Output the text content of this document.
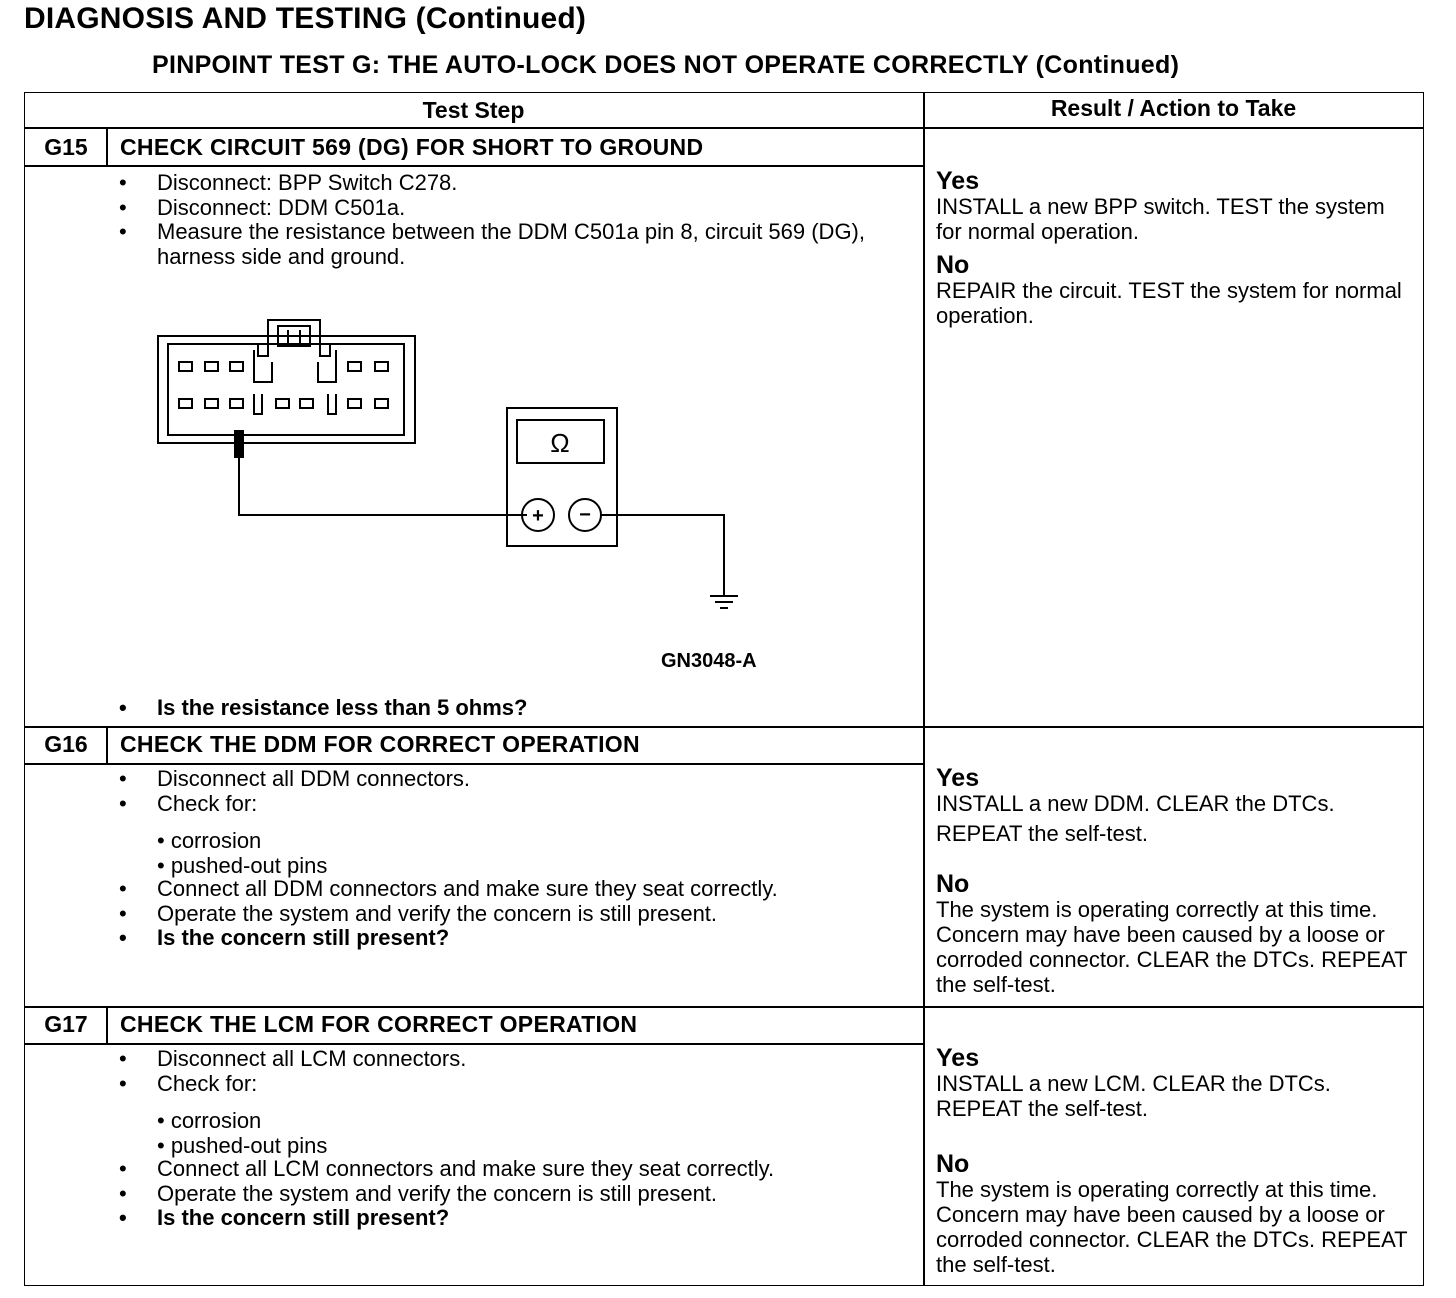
DIAGNOSIS AND TESTING (Continued)
PINPOINT TEST G: THE AUTO-LOCK DOES NOT OPERATE CORRECTLY (Continued)
Test Step	Result / Action to Take
G15	CHECK CIRCUIT 569 (DG) FOR SHORT TO GROUND
• Disconnect: BPP Switch C278.
• Disconnect: DDM C501a.
• Measure the resistance between the DDM C501a pin 8, circuit 569 (DG), harness side and ground.
+ −
Ω
GN3048-A
• Is the resistance less than 5 ohms?
Yes

INSTALL a new BPP switch. TEST the system for normal operation.

No

REPAIR the circuit. TEST the system for normal operation.

G16	CHECK THE DDM FOR CORRECT OPERATION
• Disconnect all DDM connectors.
• Check for:

• corrosion

• pushed-out pins

• Connect all DDM connectors and make sure they seat correctly.
• Operate the system and verify the concern is still present.
• Is the concern still present?
Yes

INSTALL a new DDM. CLEAR the DTCs.

REPEAT the self-test.

No

The system is operating correctly at this time. Concern may have been caused by a loose or corroded connector. CLEAR the DTCs. REPEAT the self-test.

G17	CHECK THE LCM FOR CORRECT OPERATION
• Disconnect all LCM connectors.
• Check for:

• corrosion

• pushed-out pins

• Connect all LCM connectors and make sure they seat correctly.
• Operate the system and verify the concern is still present.
• Is the concern still present?
Yes

INSTALL a new LCM. CLEAR the DTCs.

REPEAT the self-test.

No

The system is operating correctly at this time. Concern may have been caused by a loose or corroded connector. CLEAR the DTCs. REPEAT the self-test.
